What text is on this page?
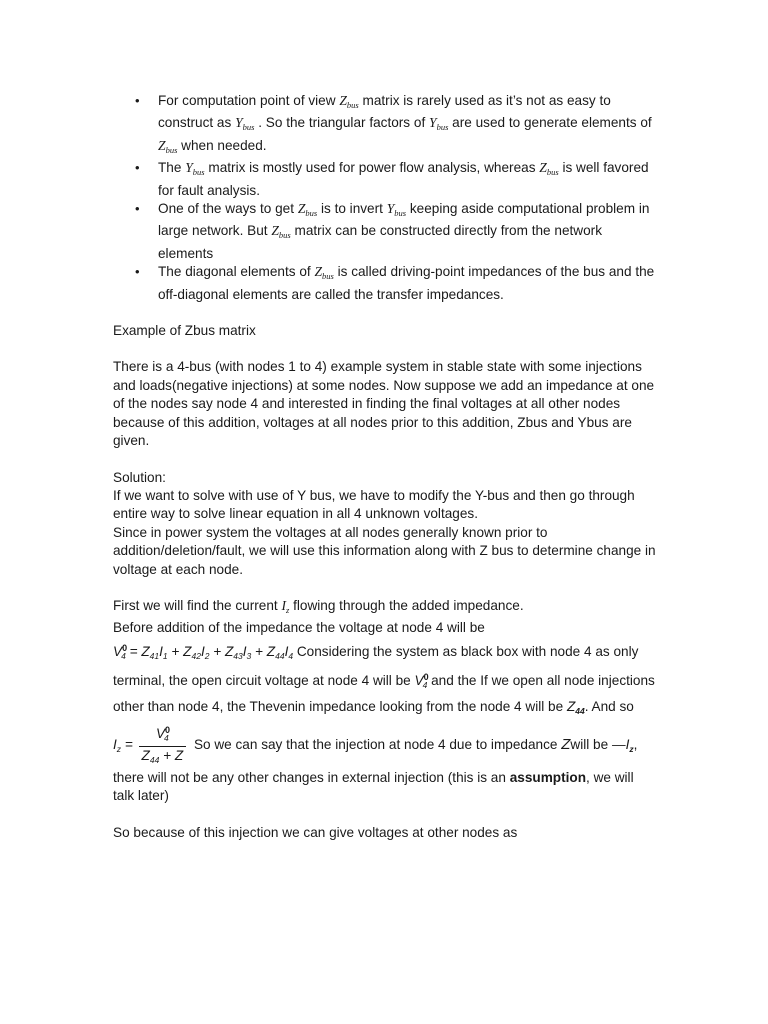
• For computation point of view $Z_{bus}$ matrix is rarely used as it’s not as easy to construct as $Y_{bus}$ . So the triangular factors of $Y_{bus}$ are used to generate elements of $Z_{bus}$ when needed.
• The $Y_{bus}$ matrix is mostly used for power flow analysis, whereas $Z_{bus}$ is well favored for fault analysis.
• One of the ways to get $Z_{bus}$ is to invert $Y_{bus}$ keeping aside computational problem in large network. But $Z_{bus}$ matrix can be constructed directly from the network elements
• The diagonal elements of $Z_{bus}$ is called driving-point impedances of the bus and the off-diagonal elements are called the transfer impedances.

Example of Zbus matrix

There is a 4-bus (with nodes 1 to 4) example system in stable state with some injections and loads(negative injections) at some nodes. Now suppose we add an impedance at one of the nodes say node 4 and interested in finding the final voltages at all other nodes because of this addition, voltages at all nodes prior to this addition, Zbus and Ybus are given.

Solution:

If we want to solve with use of Y bus, we have to modify the Y-bus and then go through entire way to solve linear equation in all 4 unknown voltages.

Since in power system the voltages at all nodes generally known prior to addition/deletion/fault, we will use this information along with Z bus to determine change in voltage at each node.

First we will find the current $I_z$ flowing through the added impedance.

Before addition of the impedance the voltage at node 4 will be

$V^0_4 = Z_{41}I_1 + Z_{42}I_2 + Z_{43}I_3 + Z_{44}I_4$ Considering the system as black box with node 4 as only terminal, the open circuit voltage at node 4 will be $V^0_4$ and the If we open all node injections other than node 4, the Thevenin impedance looking from the node 4 will be $Z_{44}$. And so

$I_z = \frac{V^0_4}{Z_{44} + Z}$ So we can say that the injection at node 4 due to impedance Zwill be $—I_z$, there will not be any other changes in external injection (this is an assumption, we will talk later)

So because of this injection we can give voltages at other nodes as
